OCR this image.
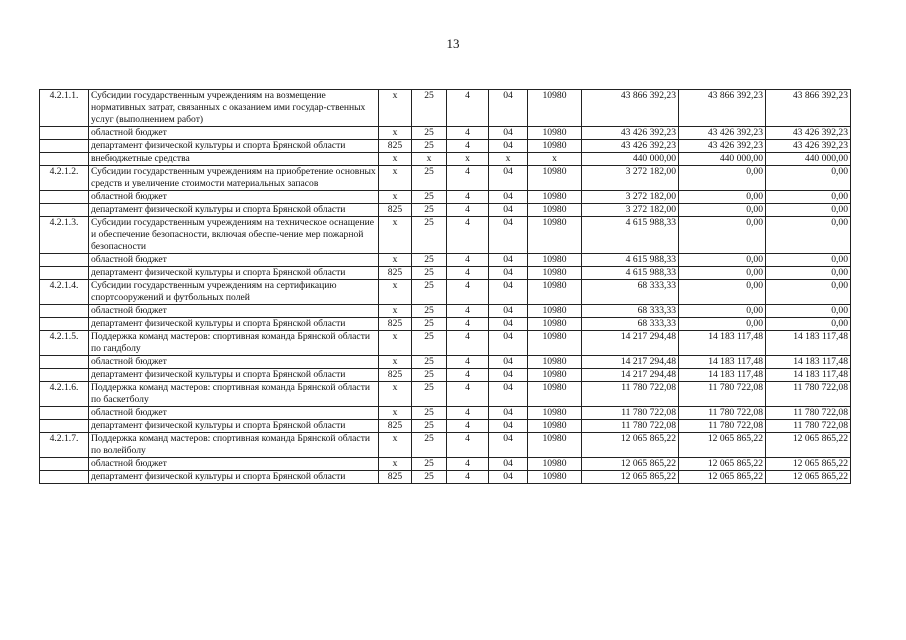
13
4.2.1.1.	Субсидии государственным учреждениям на возмещение нормативных затрат, связанных с оказанием ими государ-ственных услуг (выполнением работ)	х	25	4	04	10980	43 866 392,23	43 866 392,23	43 866 392,23
	областной бюджет	х	25	4	04	10980	43 426 392,23	43 426 392,23	43 426 392,23
	департамент физической культуры и спорта Брянской области	825	25	4	04	10980	43 426 392,23	43 426 392,23	43 426 392,23
	внебюджетные средства	х	х	х	х	х	440 000,00	440 000,00	440 000,00
4.2.1.2.	Субсидии государственным учреждениям на приобретение основных средств и увеличение стоимости материальных запасов	х	25	4	04	10980	3 272 182,00	0,00	0,00
	областной бюджет	х	25	4	04	10980	3 272 182,00	0,00	0,00
	департамент физической культуры и спорта Брянской области	825	25	4	04	10980	3 272 182,00	0,00	0,00
4.2.1.3.	Субсидии государственным учреждениям на техническое оснащение и обеспечение безопасности, включая обеспе-чение мер пожарной безопасности	х	25	4	04	10980	4 615 988,33	0,00	0,00
	областной бюджет	х	25	4	04	10980	4 615 988,33	0,00	0,00
	департамент физической культуры и спорта Брянской области	825	25	4	04	10980	4 615 988,33	0,00	0,00
4.2.1.4.	Субсидии государственным учреждениям на сертификацию спортсооружений и футбольных полей	х	25	4	04	10980	68 333,33	0,00	0,00
	областной бюджет	х	25	4	04	10980	68 333,33	0,00	0,00
	департамент физической культуры и спорта Брянской области	825	25	4	04	10980	68 333,33	0,00	0,00
4.2.1.5.	Поддержка команд мастеров: спортивная команда Брянской области по гандболу	х	25	4	04	10980	14 217 294,48	14 183 117,48	14 183 117,48
	областной бюджет	х	25	4	04	10980	14 217 294,48	14 183 117,48	14 183 117,48
	департамент физической культуры и спорта Брянской области	825	25	4	04	10980	14 217 294,48	14 183 117,48	14 183 117,48
4.2.1.6.	Поддержка команд мастеров: спортивная команда Брянской области по баскетболу	х	25	4	04	10980	11 780 722,08	11 780 722,08	11 780 722,08
	областной бюджет	х	25	4	04	10980	11 780 722,08	11 780 722,08	11 780 722,08
	департамент физической культуры и спорта Брянской области	825	25	4	04	10980	11 780 722,08	11 780 722,08	11 780 722,08
4.2.1.7.	Поддержка команд мастеров: спортивная команда Брянской области по волейболу	х	25	4	04	10980	12 065 865,22	12 065 865,22	12 065 865,22
	областной бюджет	х	25	4	04	10980	12 065 865,22	12 065 865,22	12 065 865,22
	департамент физической культуры и спорта Брянской области	825	25	4	04	10980	12 065 865,22	12 065 865,22	12 065 865,22
